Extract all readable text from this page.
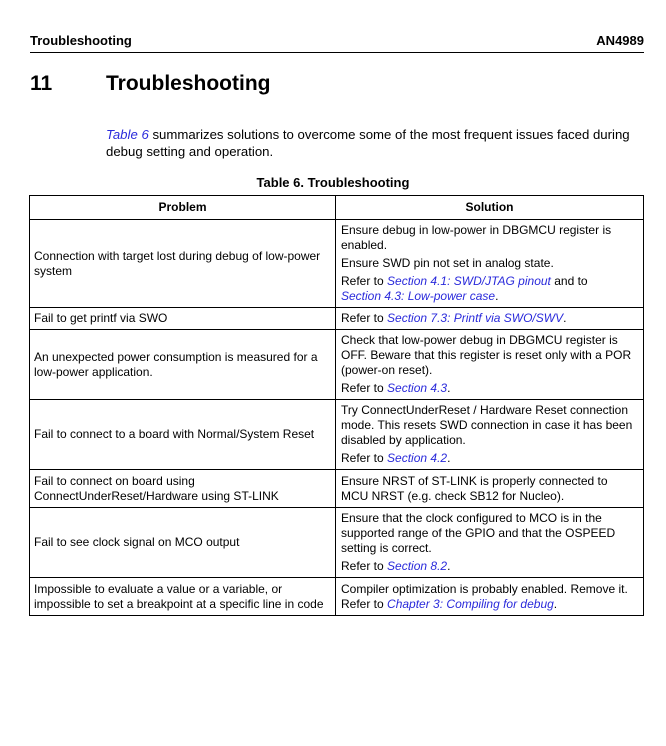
Troubleshooting	AN4989
11	Troubleshooting
Table 6 summarizes solutions to overcome some of the most frequent issues faced during debug setting and operation.
Table 6. Troubleshooting
Problem	Solution
Connection with target lost during debug of low-power system	Ensure debug in low-power in DBGMCU register is enabled.
Ensure SWD pin not set in analog state.
Refer to Section 4.1: SWD/JTAG pinout and to
Section 4.3: Low-power case.

Fail to get printf via SWO	Refer to Section 7.3: Printf via SWO/SWV.

An unexpected power consumption is measured for a low-power application.	Check that low-power debug in DBGMCU register is OFF. Beware that this register is reset only with a POR (power-on reset).
Refer to Section 4.3.

Fail to connect to a board with Normal/System Reset	Try ConnectUnderReset / Hardware Reset connection mode. This resets SWD connection in case it has been disabled by application.
Refer to Section 4.2.

Fail to connect on board using ConnectUnderReset/Hardware using ST-LINK	Ensure NRST of ST-LINK is properly connected to MCU NRST (e.g. check SB12 for Nucleo).

Fail to see clock signal on MCO output	Ensure that the clock configured to MCO is in the supported range of the GPIO and that the OSPEED setting is correct.
Refer to Section 8.2.

Impossible to evaluate a value or a variable, or impossible to set a breakpoint at a specific line in code	Compiler optimization is probably enabled. Remove it.
Refer to Chapter 3: Compiling for debug.
